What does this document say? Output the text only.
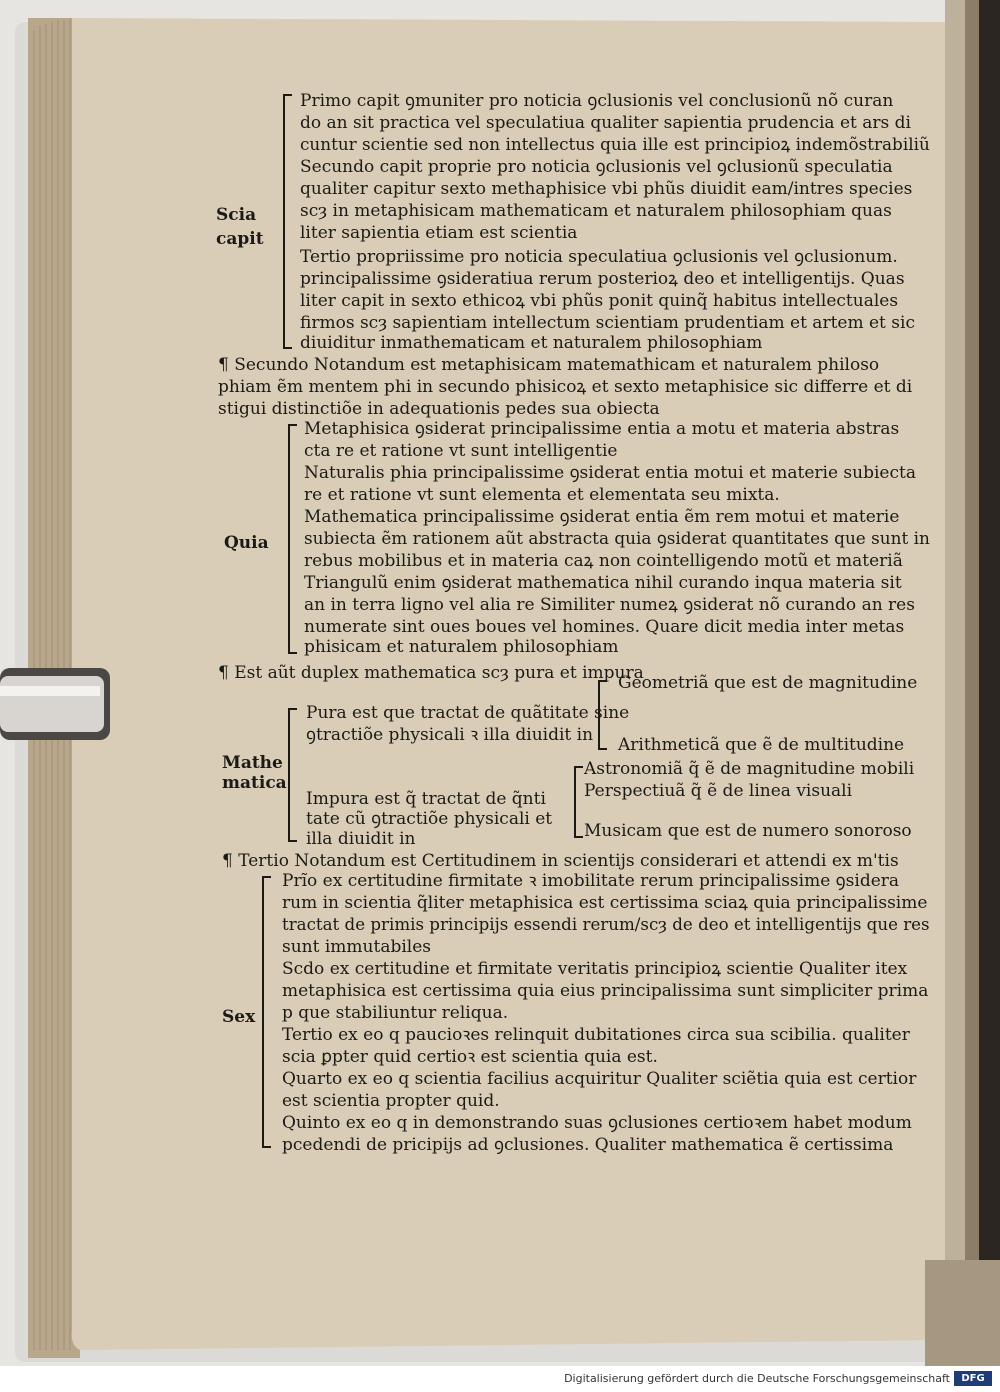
Scia
capit
Primo capit ꝯmuniter pro noticia ꝯclusionis vel conclusionũ nõ curan
do an sit practica vel speculatiua qualiter sapientia prudencia et ars di
cuntur scientie sed non intellectus quia ille est principioꝝ indemõstrabiliũ
Secundo capit proprie pro noticia ꝯclusionis vel ꝯclusionũ speculatia
qualiter capitur sexto methaphisice vbi phũs diuidit eam/intres species
scȝ in metaphisicam mathematicam et naturalem philosophiam quas
liter sapientia etiam est scientia
Tertio propriissime pro noticia speculatiua ꝯclusionis vel ꝯclusionum.
principalissime ꝯsideratiua rerum posterioꝝ deo et intelligentijs. Quas
liter capit in sexto ethicoꝝ vbi phũs ponit quinq̃ habitus intellectuales
firmos scȝ sapientiam intellectum scientiam prudentiam et artem et sic
diuiditur inmathematicam et naturalem philosophiam
¶ Secundo Notandum est metaphisicam matemathicam et naturalem philoso
phiam ẽm mentem phi in secundo phisicoꝝ et sexto metaphisice sic differre et di
stigui distinctiõe in adequationis pedes sua obiecta
Quia
Metaphisica ꝯsiderat principalissime entia a motu et materia abstras
cta re et ratione vt sunt intelligentie
Naturalis phia principalissime ꝯsiderat entia motui et materie subiecta
re et ratione vt sunt elementa et elementata seu mixta.
Mathematica principalissime ꝯsiderat entia ẽm rem motui et materie
subiecta ẽm rationem aũt abstracta quia ꝯsiderat quantitates que sunt in
rebus mobilibus et in materia caꝝ non cointelligendo motũ et materiã
Triangulũ enim ꝯsiderat mathematica nihil curando inqua materia sit
an in terra ligno vel alia re Similiter numeꝝ ꝯsiderat nõ curando an res
numerate sint oues boues vel homines. Quare dicit media inter metas
phisicam et naturalem philosophiam
¶ Est aũt duplex mathematica scȝ pura et impura
Mathe
matica
Geometriã que est de magnitudine
Pura est que tractat de quãtitate sine
ꝯtractiõe physicali ꝛ illa diuidit in Arithmeticã que ẽ de multitudine
Astronomiã q̃ ẽ de magnitudine mobili
Perspectiuã q̃ ẽ de linea visuali
Impura est q̃ tractat de q̃nti
tate cũ ꝯtractiõe physicali et
illa diuidit in	Musicam que est de numero sonoroso
¶ Tertio Notandum est Certitudinem in scientijs considerari et attendi ex m'tis
Sex
Prĩo ex certitudine firmitate ꝛ imobilitate rerum principalissime ꝯsidera
rum in scientia q̃liter metaphisica est certissima sciaꝝ quia principalissime
tractat de primis principijs essendi rerum/scȝ de deo et intelligentijs que res
sunt immutabiles
Scdo ex certitudine et firmitate veritatis principioꝝ scientie Qualiter itex
metaphisica est certissima quia eius principalissima sunt simpliciter prima
p que stabiliuntur reliqua.
Tertio ex eo q paucioꝛes relinquit dubitationes circa sua scibilia. qualiter
scia ꝑpter quid certioꝛ est scientia quia est.
Quarto ex eo q scientia facilius acquiritur Qualiter sciẽtia quia est certior
est scientia propter quid.
Quinto ex eo q in demonstrando suas ꝯclusiones certioꝛem habet modum
pcedendi de pricipijs ad ꝯclusiones. Qualiter mathematica ẽ certissima
Digitalisierung gefördert durch die Deutsche Forschungsgemeinschaft	DFG
